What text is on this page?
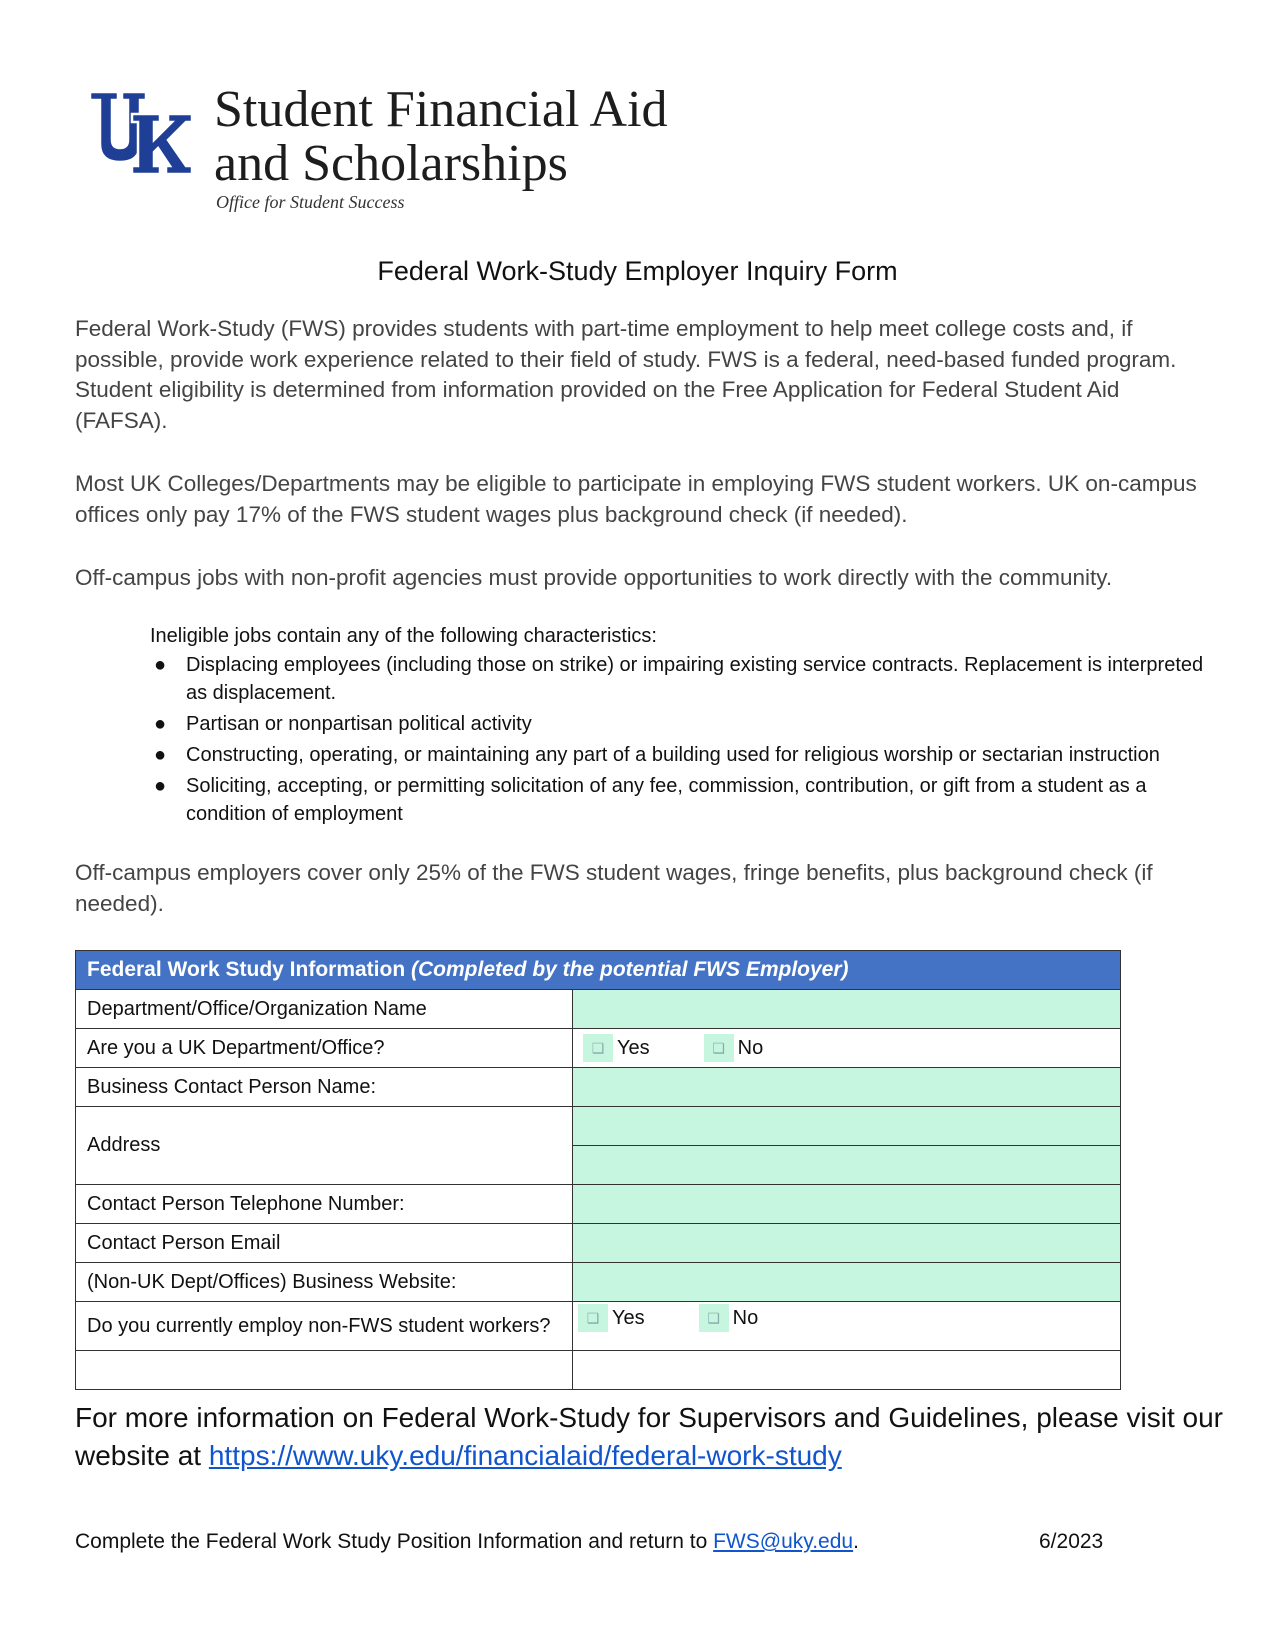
Student Financial Aid
and Scholarships
Office for Student Success
Federal Work-Study Employer Inquiry Form
Federal Work-Study (FWS) provides students with part-time employment to help meet college costs and, if possible, provide work experience related to their field of study. FWS is a federal, need-based funded program. Student eligibility is determined from information provided on the Free Application for Federal Student Aid (FAFSA).
Most UK Colleges/Departments may be eligible to participate in employing FWS student workers. UK on-campus offices only pay 17% of the FWS student wages plus background check (if needed).
Off-campus jobs with non-profit agencies must provide opportunities to work directly with the community.
Ineligible jobs contain any of the following characteristics:
● Displacing employees (including those on strike) or impairing existing service contracts. Replacement is interpreted as displacement.
● Partisan or nonpartisan political activity
● Constructing, operating, or maintaining any part of a building used for religious worship or sectarian instruction
● Soliciting, accepting, or permitting solicitation of any fee, commission, contribution, or gift from a student as a condition of employment
Off-campus employers cover only 25% of the FWS student wages, fringe benefits, plus background check (if needed).
Federal Work Study Information (Completed by the potential FWS Employer)	
Department/Office/Organization Name	
Are you a UK Department/Office?	❑ Yes ❑ No
Business Contact Person Name:	
Address	

Contact Person Telephone Number:	
Contact Person Email	
(Non-UK Dept/Offices) Business Website:	
Do you currently employ non-FWS student workers?	❑ Yes ❑ No

For more information on Federal Work-Study for Supervisors and Guidelines, please visit our website at https://www.uky.edu/financialaid/federal-work-study
Complete the Federal Work Study Position Information and return to FWS@uky.edu.	6/2023
